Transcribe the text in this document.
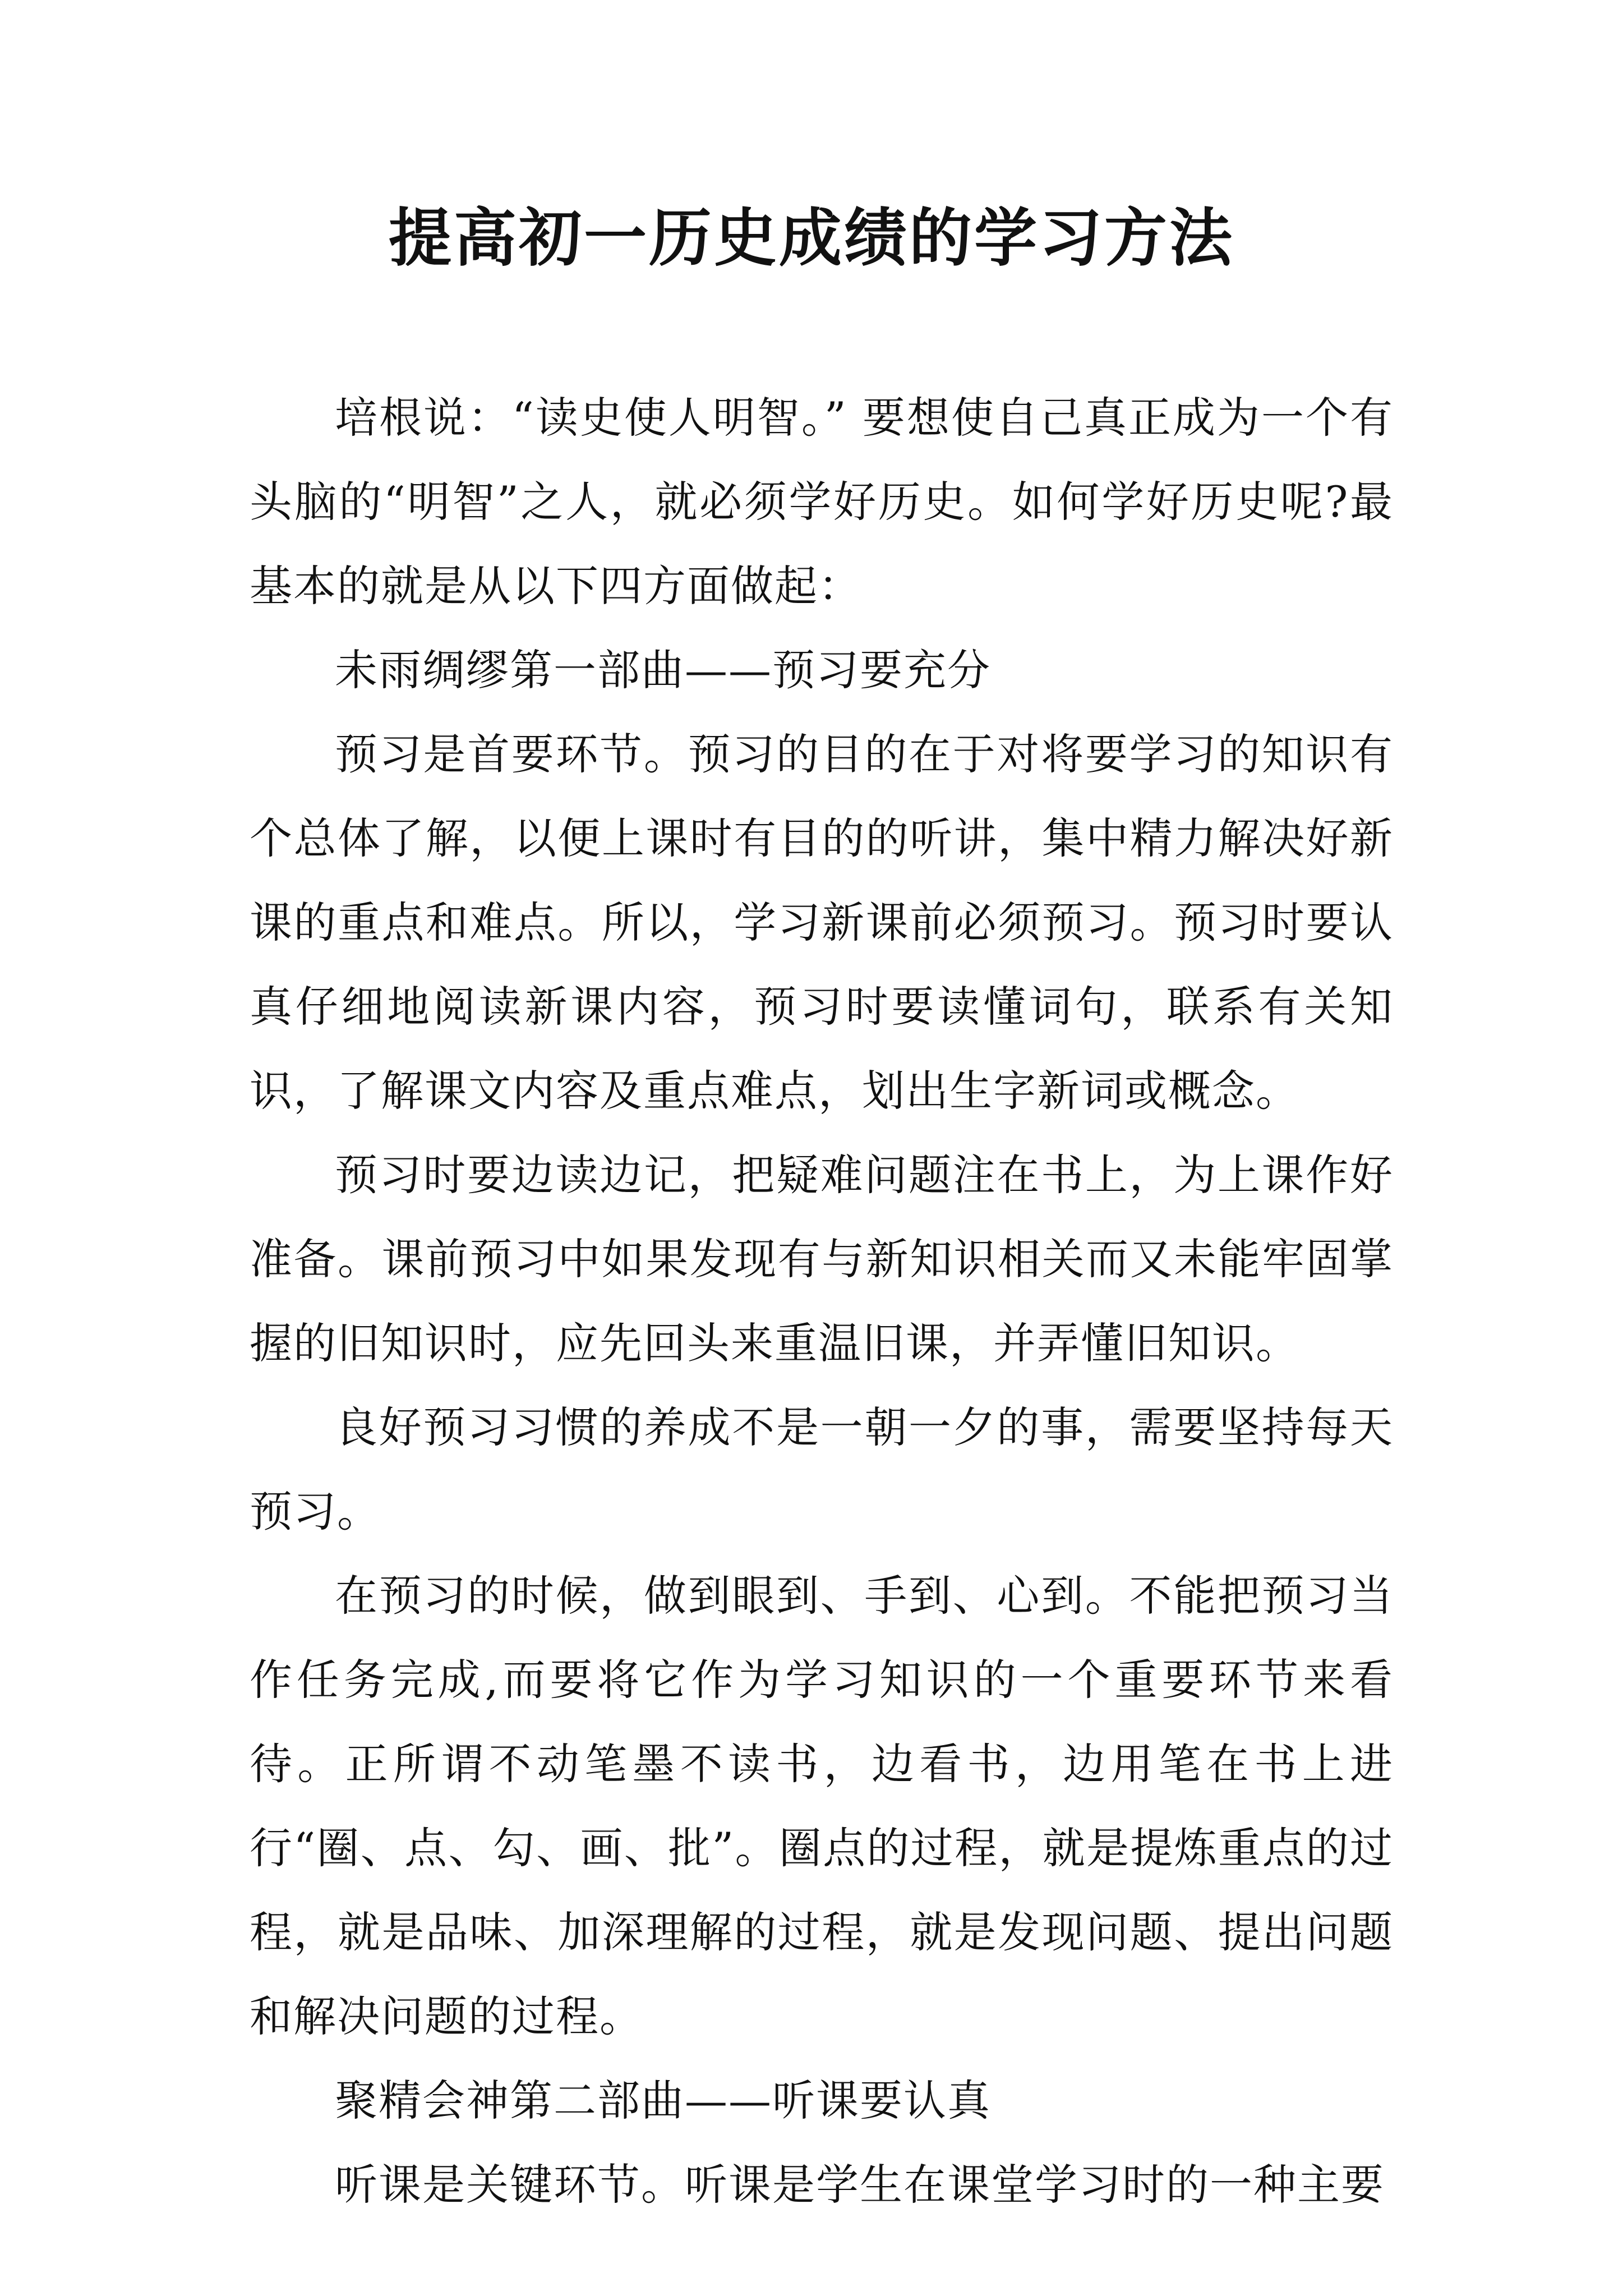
提高初一历史成绩的学习方法

培根说：“读史使人明智。” 要想使自己真正成为一个有头脑的“明智”之人，就必须学好历史。如何学好历史呢?最基本的就是从以下四方面做起：

未雨绸缪第一部曲——预习要充分

预习是首要环节。预习的目的在于对将要学习的知识有个总体了解，以便上课时有目的的听讲，集中精力解决好新课的重点和难点。所以，学习新课前必须预习。预习时要认真仔细地阅读新课内容，预习时要读懂词句，联系有关知识，了解课文内容及重点难点，划出生字新词或概念。

预习时要边读边记，把疑难问题注在书上，为上课作好准备。课前预习中如果发现有与新知识相关而又未能牢固掌握的旧知识时，应先回头来重温旧课，并弄懂旧知识。

良好预习习惯的养成不是一朝一夕的事，需要坚持每天预习。

在预习的时候，做到眼到、手到、心到。不能把预习当作任务完成,而要将它作为学习知识的一个重要环节来看待。正所谓不动笔墨不读书，边看书，边用笔在书上进行“圈、点、勾、画、批”。圈点的过程，就是提炼重点的过程，就是品味、加深理解的过程，就是发现问题、提出问题和解决问题的过程。

聚精会神第二部曲——听课要认真

听课是关键环节。听课是学生在课堂学习时的一种主要
